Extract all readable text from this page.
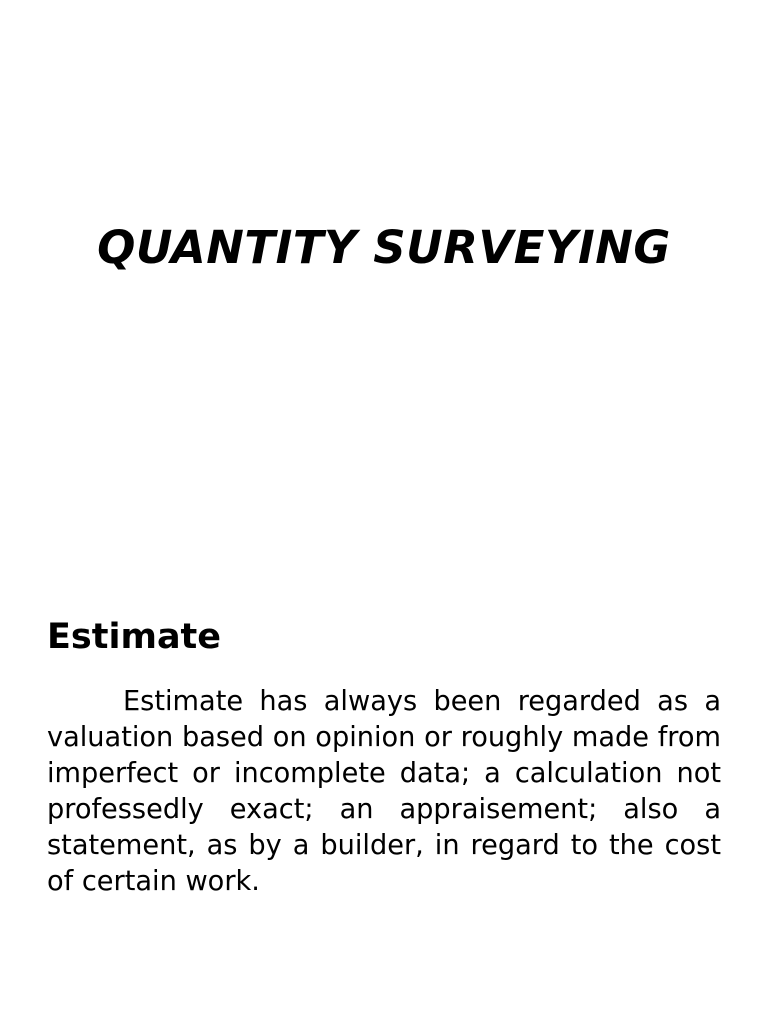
QUANTITY SURVEYING
Estimate

Estimate has always been regarded as a valuation based on opinion or roughly made from imperfect or incomplete data; a calculation not professedly exact; an appraisement; also a statement, as by a builder, in regard to the cost of certain work.
